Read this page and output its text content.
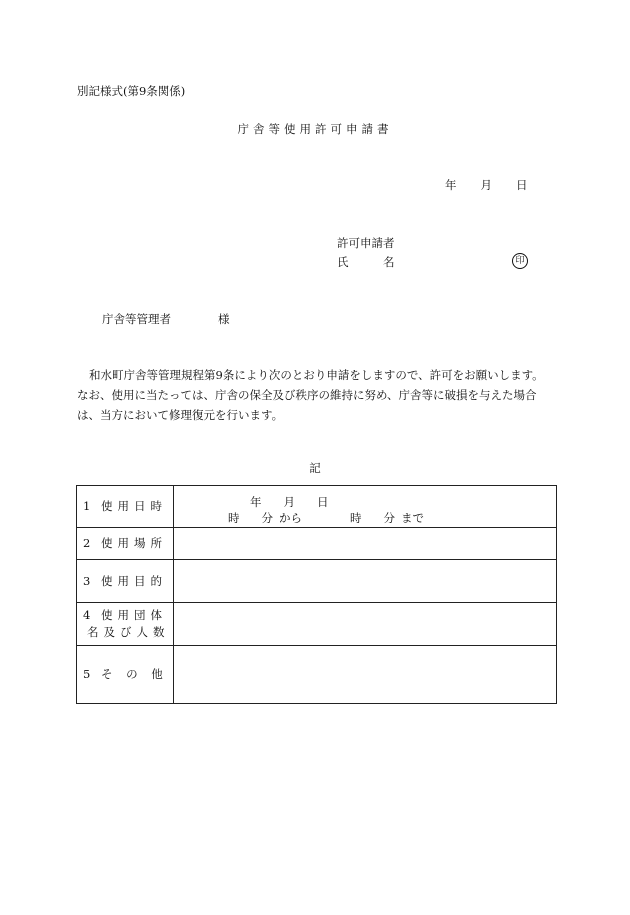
別記様式(第9条関係)
庁舎等使用許可申請書
年 月 日
許可申請者
氏　　　名	印
庁舎等管理者	様
和水町庁舎等管理規程第9条により次のとおり申請をしますので、許可をお願いします。
なお、使用に当たっては、庁舎の保全及び秩序の維持に努め、庁舎等に破損を与えた場合
は、当方において修理復元を行います。
記
1 使用日時	年 月 日
時 分 から 時 分 まで

2 使用場所	
3 使用目的	
4 使用団体
名及び人数	
5 そ の 他	
